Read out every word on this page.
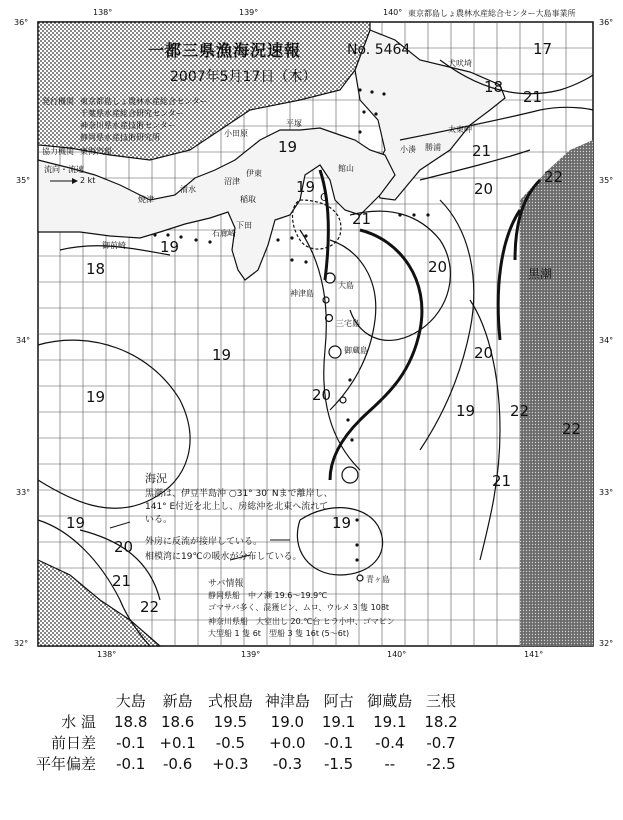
138°	139°	140°
138°	139°	140°	141°
36°
35°
34°
33°
32°
36°
35°
34°
33°
32°
東京都島しょ農林水産総合センター大島事業所
一都三県漁海況速報	No. 5464
2007年5月17日（木）
発行機関 東京都島しょ農林水産総合センター
千葉県水産総合研究センター
神奈川県水産技術センター
静岡県水産技術研究所
協力機関 東海汽船
流向・流速
2 kt
犬吠埼
太東岬
勝浦
小湊
館山
平塚
小田原
沼津
伊東
稲取
下田
石廊崎
御前崎
焼津
清水
御蔵島
青ヶ島
黒潮
神津島
三宅島
大島
17
18
18
19
19
19
19
19
19
19
20
20
20
20
20
21
21
21
21
21
22
22
22
22
C
19
海況
黒潮は、伊豆半島沖 ○31° 30′ Nまで離岸し、
141° E付近を北上し、房総沖を北東へ流れて
いる。
外房に反流が接岸している。
相模湾に19℃の暖水が分布している。
サバ情報
静岡県船　中ノ瀬 19.6〜19.9℃
ゴマサバ多く、混獲ピン、ムロ、ウルメ 3 隻 108t
神奈川県船　大室出し 20.℃台 ヒラ小中、ゴマピン
大型船 1 隻 6t　型船 3 隻 16t (5〜6t)
	大島	新島	式根島	神津島	阿古	御蔵島	三根
水 温	18.8	18.6	19.5	19.0	19.1	19.1	18.2
前日差	-0.1	+0.1	-0.5	+0.0	-0.1	-0.4	-0.7
平年偏差	-0.1	-0.6	+0.3	-0.3	-1.5	--	-2.5
